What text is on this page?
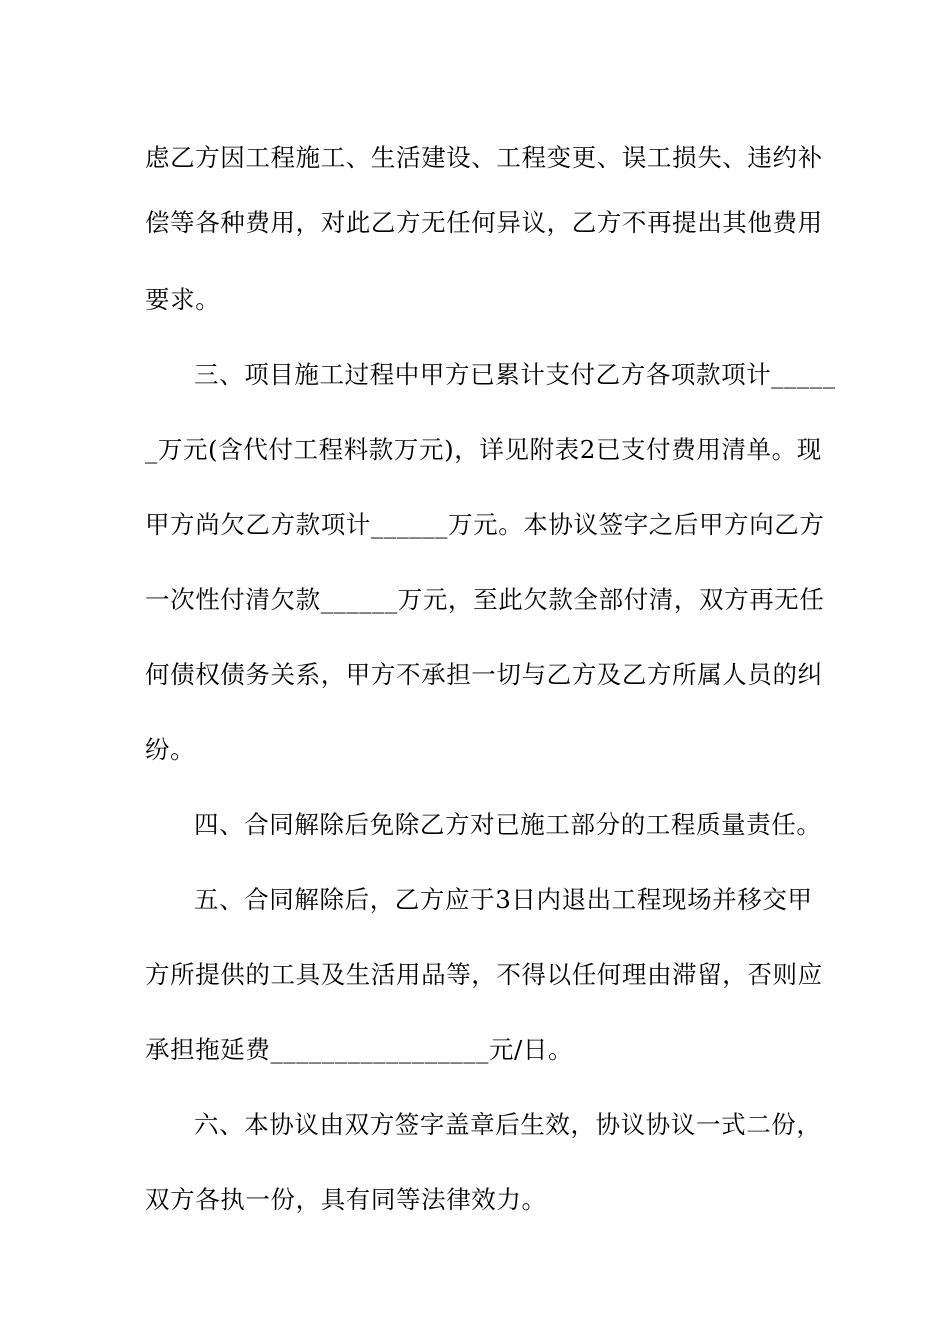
虑乙方因工程施工、生活建设、工程变更、误工损失、违约补
偿等各种费用，对此乙方无任何异议，乙方不再提出其他费用
要求。
三、项目施工过程中甲方已累计支付乙方各项款项计_____
_万元(含代付工程料款万元)，详见附表2已支付费用清单。现
甲方尚欠乙方款项计______万元。本协议签字之后甲方向乙方
一次性付清欠款______万元，至此欠款全部付清，双方再无任
何债权债务关系，甲方不承担一切与乙方及乙方所属人员的纠
纷。
四、合同解除后免除乙方对已施工部分的工程质量责任。
五、合同解除后，乙方应于3日内退出工程现场并移交甲
方所提供的工具及生活用品等，不得以任何理由滞留，否则应
承担拖延费_________________元/日。
六、本协议由双方签字盖章后生效，协议协议一式二份，
双方各执一份，具有同等法律效力。
